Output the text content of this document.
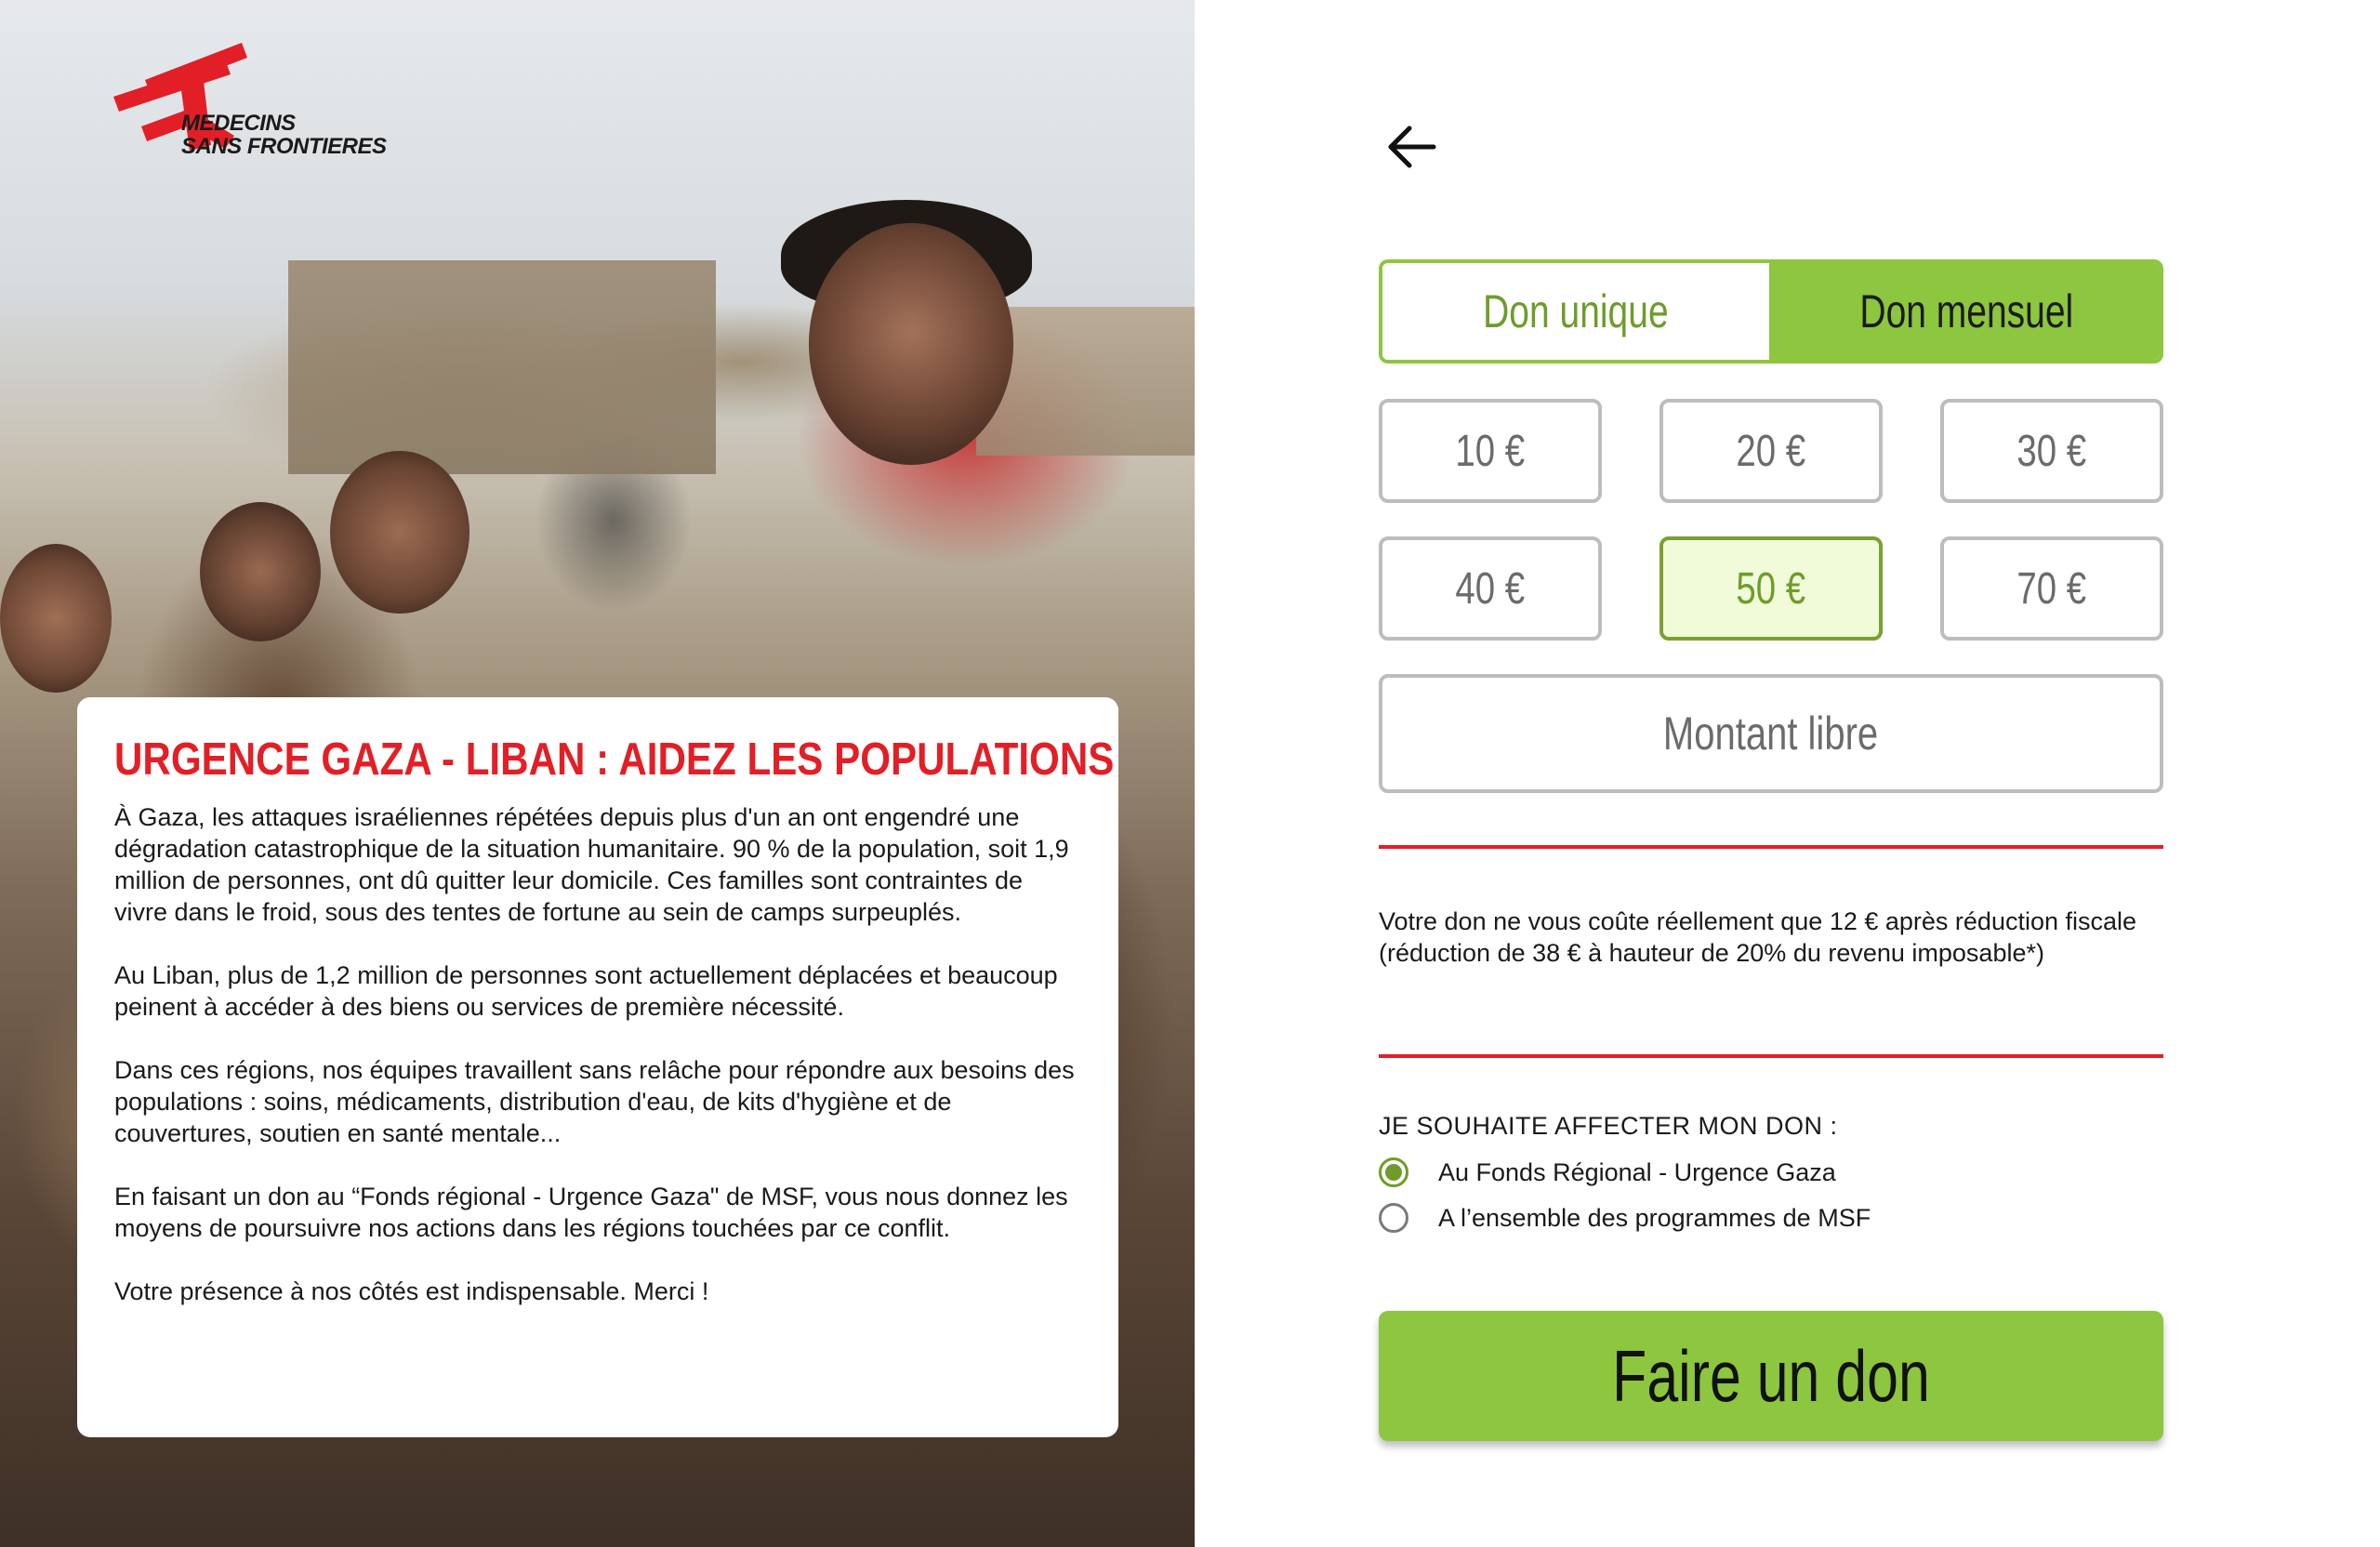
MEDECINS
SANS FRONTIERES
URGENCE GAZA - LIBAN : AIDEZ LES POPULATIONS

À Gaza, les attaques israéliennes répétées depuis plus d'un an ont engendré une dégradation catastrophique de la situation humanitaire. 90 % de la population, soit 1,9 million de personnes, ont dû quitter leur domicile. Ces familles sont contraintes de vivre dans le froid, sous des tentes de fortune au sein de camps surpeuplés.

Au Liban, plus de 1,2 million de personnes sont actuellement déplacées et beaucoup peinent à accéder à des biens ou services de première nécessité.

Dans ces régions, nos équipes travaillent sans relâche pour répondre aux besoins des populations : soins, médicaments, distribution d'eau, de kits d'hygiène et de couvertures, soutien en santé mentale...

En faisant un don au “Fonds régional - Urgence Gaza" de MSF, vous nous donnez les moyens de poursuivre nos actions dans les régions touchées par ce conflit.

Votre présence à nos côtés est indispensable. Merci !

Don unique	Don mensuel
10 €	20 €	30 €
40 €	50 €	70 €
Montant libre

Votre don ne vous coûte réellement que 12 € après réduction fiscale (réduction de 38 € à hauteur de 20% du revenu imposable*)

JE SOUHAITE AFFECTER MON DON :
Au Fonds Régional - Urgence Gaza
A l’ensemble des programmes de MSF
Faire un don
